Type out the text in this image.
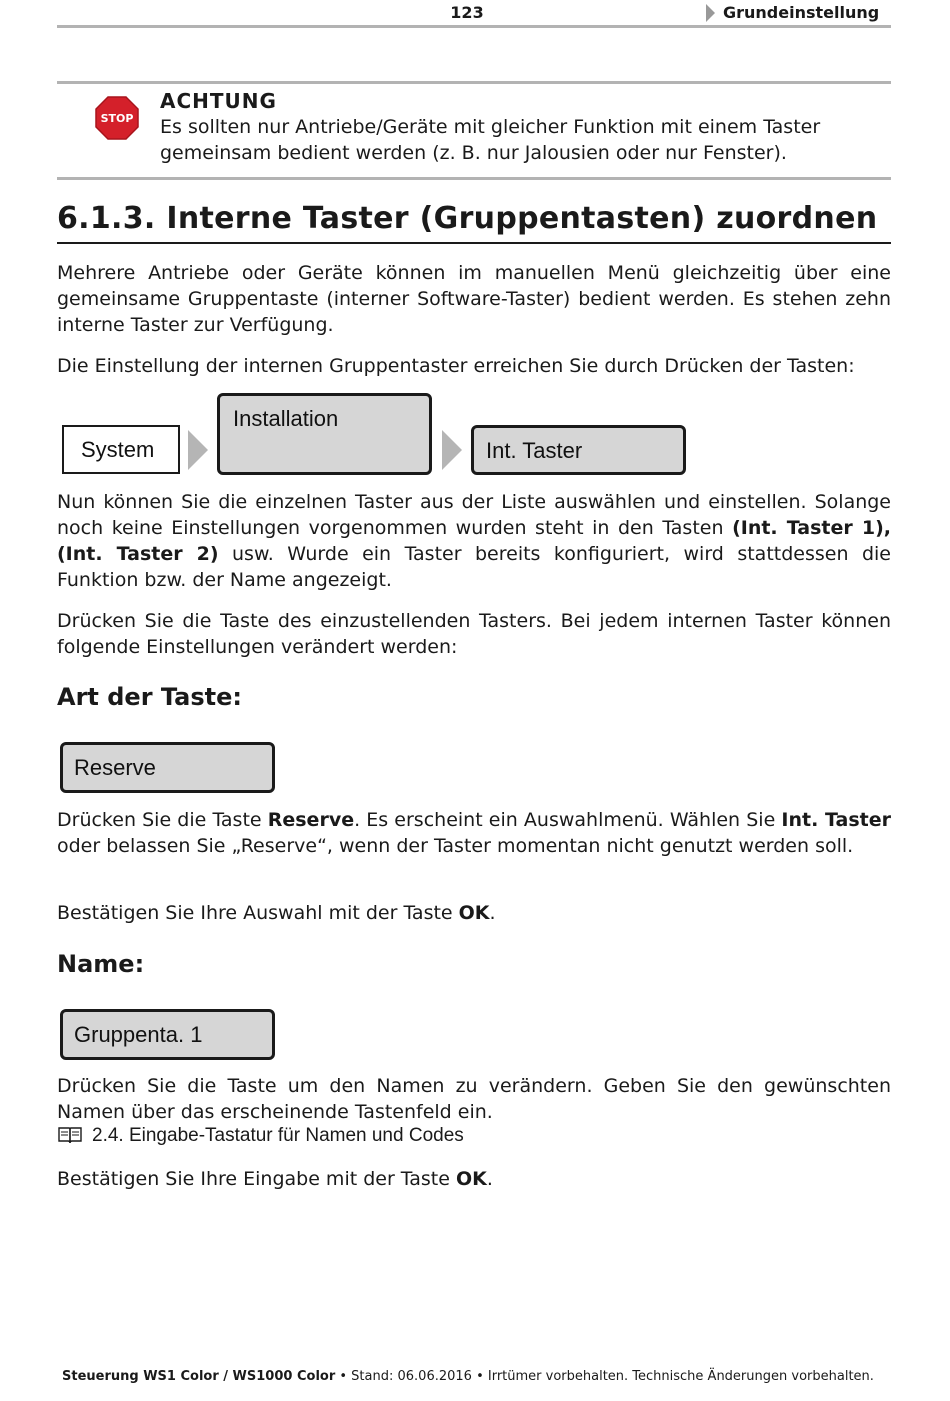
123	Grundeinstellung
STOP
ACHTUNG
Es sollten nur Antriebe/Geräte mit gleicher Funktion mit einem Taster
gemeinsam bedient werden (z. B. nur Jalousien oder nur Fenster).
6.1.3. Interne Taster (Gruppentasten) zuordnen
Mehrere Antriebe oder Geräte können im manuellen Menü gleichzeitig über eine gemeinsame Gruppentaste (interner Software-Taster) bedient werden. Es stehen zehn interne Taster zur Verfügung.
Die Einstellung der internen Gruppentaster erreichen Sie durch Drücken der Tasten:
System
Installation
Int. Taster
Nun können Sie die einzelnen Taster aus der Liste auswählen und einstellen. Solange noch keine Einstellungen vorgenommen wurden steht in den Tasten (Int. Taster 1), (Int. Taster 2) usw. Wurde ein Taster bereits konfiguriert, wird stattdessen die Funktion bzw. der Name angezeigt.
Drücken Sie die Taste des einzustellenden Tasters. Bei jedem internen Taster können folgende Einstellungen verändert werden:
Art der Taste:
Reserve
Drücken Sie die Taste Reserve. Es erscheint ein Auswahlmenü. Wählen Sie Int. Taster oder belassen Sie „Reserve“, wenn der Taster momentan nicht genutzt werden soll.
Bestätigen Sie Ihre Auswahl mit der Taste OK.
Name:
Gruppenta. 1
Drücken Sie die Taste um den Namen zu verändern. Geben Sie den gewünschten Namen über das erscheinende Tastenfeld ein.
2.4. Eingabe-Tastatur für Namen und Codes
Bestätigen Sie Ihre Eingabe mit der Taste OK.
Steuerung WS1 Color / WS1000 Color • Stand: 06.06.2016 • Irrtümer vorbehalten. Technische Änderungen vorbehalten.
